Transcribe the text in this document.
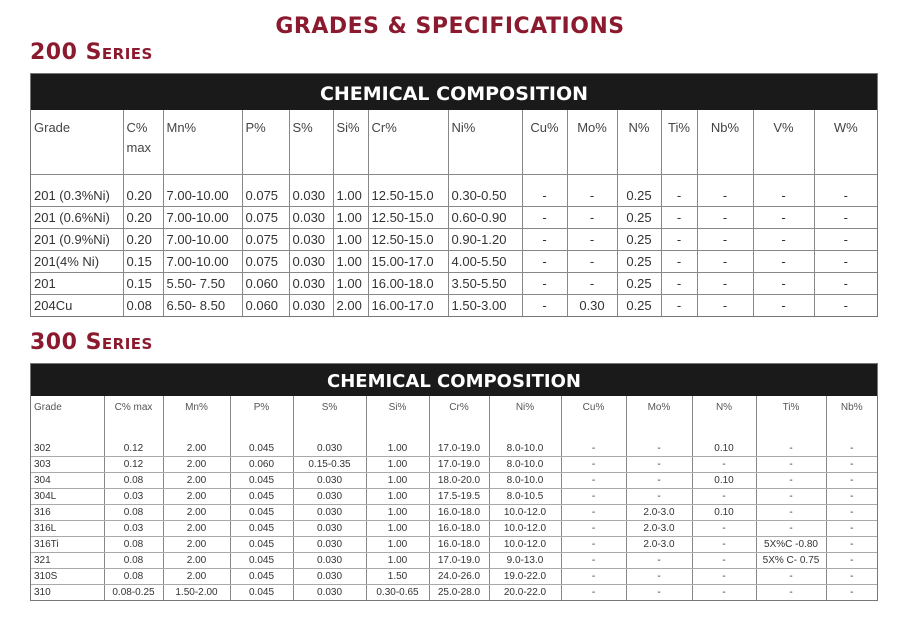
GRADES & SPECIFICATIONS
200 Series
CHEMICAL COMPOSITION
Grade	C% max	Mn%	P%	S%	Si%	Cr%	Ni%	Cu%	Mo%	N%	Ti%	Nb%	V%	W%
201 (0.3%Ni)	0.20	7.00-10.00	0.075	0.030	1.00	12.50-15.0	0.30-0.50	-	-	0.25	-	-	-	-
201 (0.6%Ni)	0.20	7.00-10.00	0.075	0.030	1.00	12.50-15.0	0.60-0.90	-	-	0.25	-	-	-	-
201 (0.9%Ni)	0.20	7.00-10.00	0.075	0.030	1.00	12.50-15.0	0.90-1.20	-	-	0.25	-	-	-	-
201(4% Ni)	0.15	7.00-10.00	0.075	0.030	1.00	15.00-17.0	4.00-5.50	-	-	0.25	-	-	-	-
201	0.15	5.50- 7.50	0.060	0.030	1.00	16.00-18.0	3.50-5.50	-	-	0.25	-	-	-	-
204Cu	0.08	6.50- 8.50	0.060	0.030	2.00	16.00-17.0	1.50-3.00	-	0.30	0.25	-	-	-	-
300 Series
CHEMICAL COMPOSITION
Grade	C% max	Mn%	P%	S%	Si%	Cr%	Ni%	Cu%	Mo%	N%	Ti%	Nb%
302	0.12	2.00	0.045	0.030	1.00	17.0-19.0	8.0-10.0	-	-	0.10	-	-
303	0.12	2.00	0.060	0.15-0.35	1.00	17.0-19.0	8.0-10.0	-	-	-	-	-
304	0.08	2.00	0.045	0.030	1.00	18.0-20.0	8.0-10.0	-	-	0.10	-	-
304L	0.03	2.00	0.045	0.030	1.00	17.5-19.5	8.0-10.5	-	-	-	-	-
316	0.08	2.00	0.045	0.030	1.00	16.0-18.0	10.0-12.0	-	2.0-3.0	0.10	-	-
316L	0.03	2.00	0.045	0.030	1.00	16.0-18.0	10.0-12.0	-	2.0-3.0	-	-	-
316Ti	0.08	2.00	0.045	0.030	1.00	16.0-18.0	10.0-12.0	-	2.0-3.0	-	5X%C -0.80	-
321	0.08	2.00	0.045	0.030	1.00	17.0-19.0	9.0-13.0	-	-	-	5X% C- 0.75	-
310S	0.08	2.00	0.045	0.030	1.50	24.0-26.0	19.0-22.0	-	-	-	-	-
310	0.08-0.25	1.50-2.00	0.045	0.030	0.30-0.65	25.0-28.0	20.0-22.0	-	-	-	-	-
